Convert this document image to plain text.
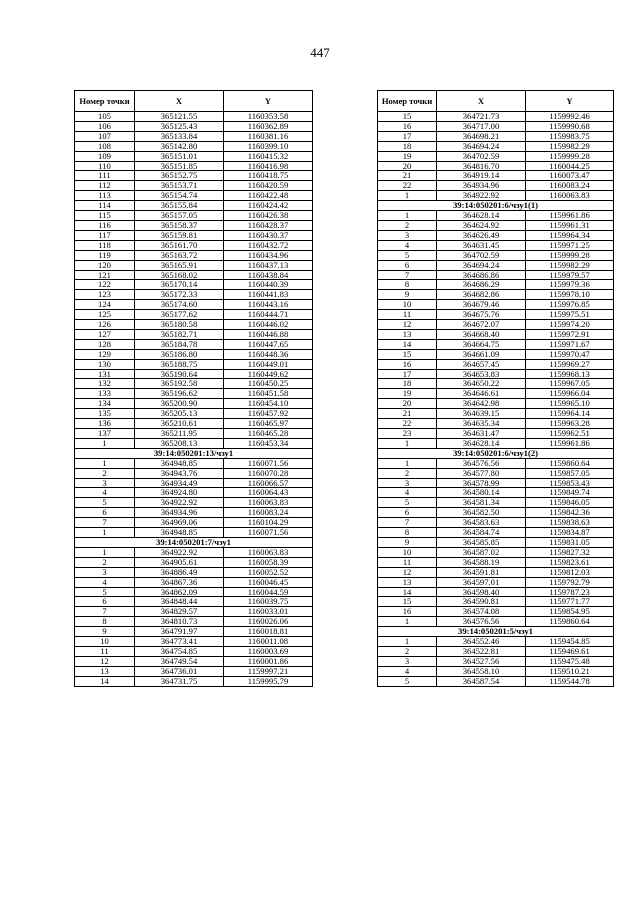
447
Номер точки	X	Y
105	365121.55	1160353.58
106	365125.43	1160362.89
107	365133.84	1160381.16
108	365142.80	1160399.10
109	365151.01	1160415.32
110	365151.85	1160416.98
111	365152.75	1160418.75
112	365153.71	1160420.59
113	365154.74	1160422.48
114	365155.84	1160424.42
115	365157.05	1160426.38
116	365158.37	1160428.37
117	365159.81	1160430.37
118	365161.70	1160432.72
119	365163.72	1160434.96
120	365165.91	1160437.13
121	365168.02	1160438.84
122	365170.14	1160440.39
123	365172.33	1160441.83
124	365174.60	1160443.16
125	365177.62	1160444.71
126	365180.58	1160446.02
127	365182.71	1160446.88
128	365184.78	1160447.65
129	365186.80	1160448.36
130	365188.75	1160449.01
131	365190.64	1160449.62
132	365192.58	1160450.25
133	365196.62	1160451.58
134	365200.90	1160454.10
135	365205.13	1160457.92
136	365210.61	1160465.97
137	365211.95	1160465.28
1	365208.13	1160453.34
39:14:050201:13/чзу1		
1	364948.85	1160071.56
2	364943.76	1160070.28
3	364934.49	1160066.57
4	364924.80	1160064.43
5	364922.92	1160063.83
6	364934.96	1160083.24
7	364969.06	1160104.29
1	364948.85	1160071.56
39:14:050201:7/чзу1		
1	364922.92	1160063.83
2	364905.61	1160058.39
3	364886.49	1160052.52
4	364867.36	1160046.45
5	364862.09	1160044.59
6	364848.44	1160039.75
7	364829.57	1160033.01
8	364810.73	1160026.06
9	364791.97	1160018.81
10	364773.41	1160011.08
11	364754.85	1160003.69
12	364749.54	1160001.86
13	364736.01	1159997.21
14	364731.75	1159995.79
Номер точки	X	Y
15	364721.73	1159992.46
16	364717.00	1159990.68
17	364698.21	1159983.75
18	364694.24	1159982.29
19	364702.59	1159999.28
20	364816.70	1160044.25
21	364919.14	1160073.47
22	364934.96	1160083.24
1	364922.92	1160063.83
39:14:050201:6/чзу1(1)		
1	364628.14	1159961.86
2	364624.92	1159961.31
3	364626.49	1159964.34
4	364631.45	1159971.25
5	364702.59	1159999.28
6	364694.24	1159982.29
7	364686.86	1159979.57
8	364686.29	1159979.36
9	364682.86	1159978.10
10	364679.46	1159976.85
11	364675.76	1159975.51
12	364672.07	1159974.20
13	364668.40	1159972.91
14	364664.75	1159971.67
15	364661.09	1159970.47
16	364657.45	1159969.27
17	364653.83	1159968.13
18	364650.22	1159967.05
19	364646.61	1159966.04
20	364642.98	1159965.10
21	364639.15	1159964.14
22	364635.34	1159963.28
23	364631.47	1159962.51
1	364628.14	1159961.86
39:14:050201:6/чзу1(2)		
1	364576.56	1159860.64
2	364577.80	1159857.05
3	364578.99	1159853.43
4	364580.14	1159849.74
5	364581.34	1159846.05
6	364582.50	1159842.36
7	364583.63	1159838.63
8	364584.74	1159834.87
9	364585.85	1159831.05
10	364587.02	1159827.32
11	364588.19	1159823.61
12	364591.81	1159812.03
13	364597.01	1159792.79
14	364598.40	1159787.23
15	364590.81	1159771.77
16	364574.08	1159854.95
1	364576.56	1159860.64
39:14:050201:5/чзу1		
1	364552.46	1159454.85
2	364522.81	1159469.61
3	364527.56	1159475.48
4	364558.10	1159510.21
5	364587.54	1159544.78
